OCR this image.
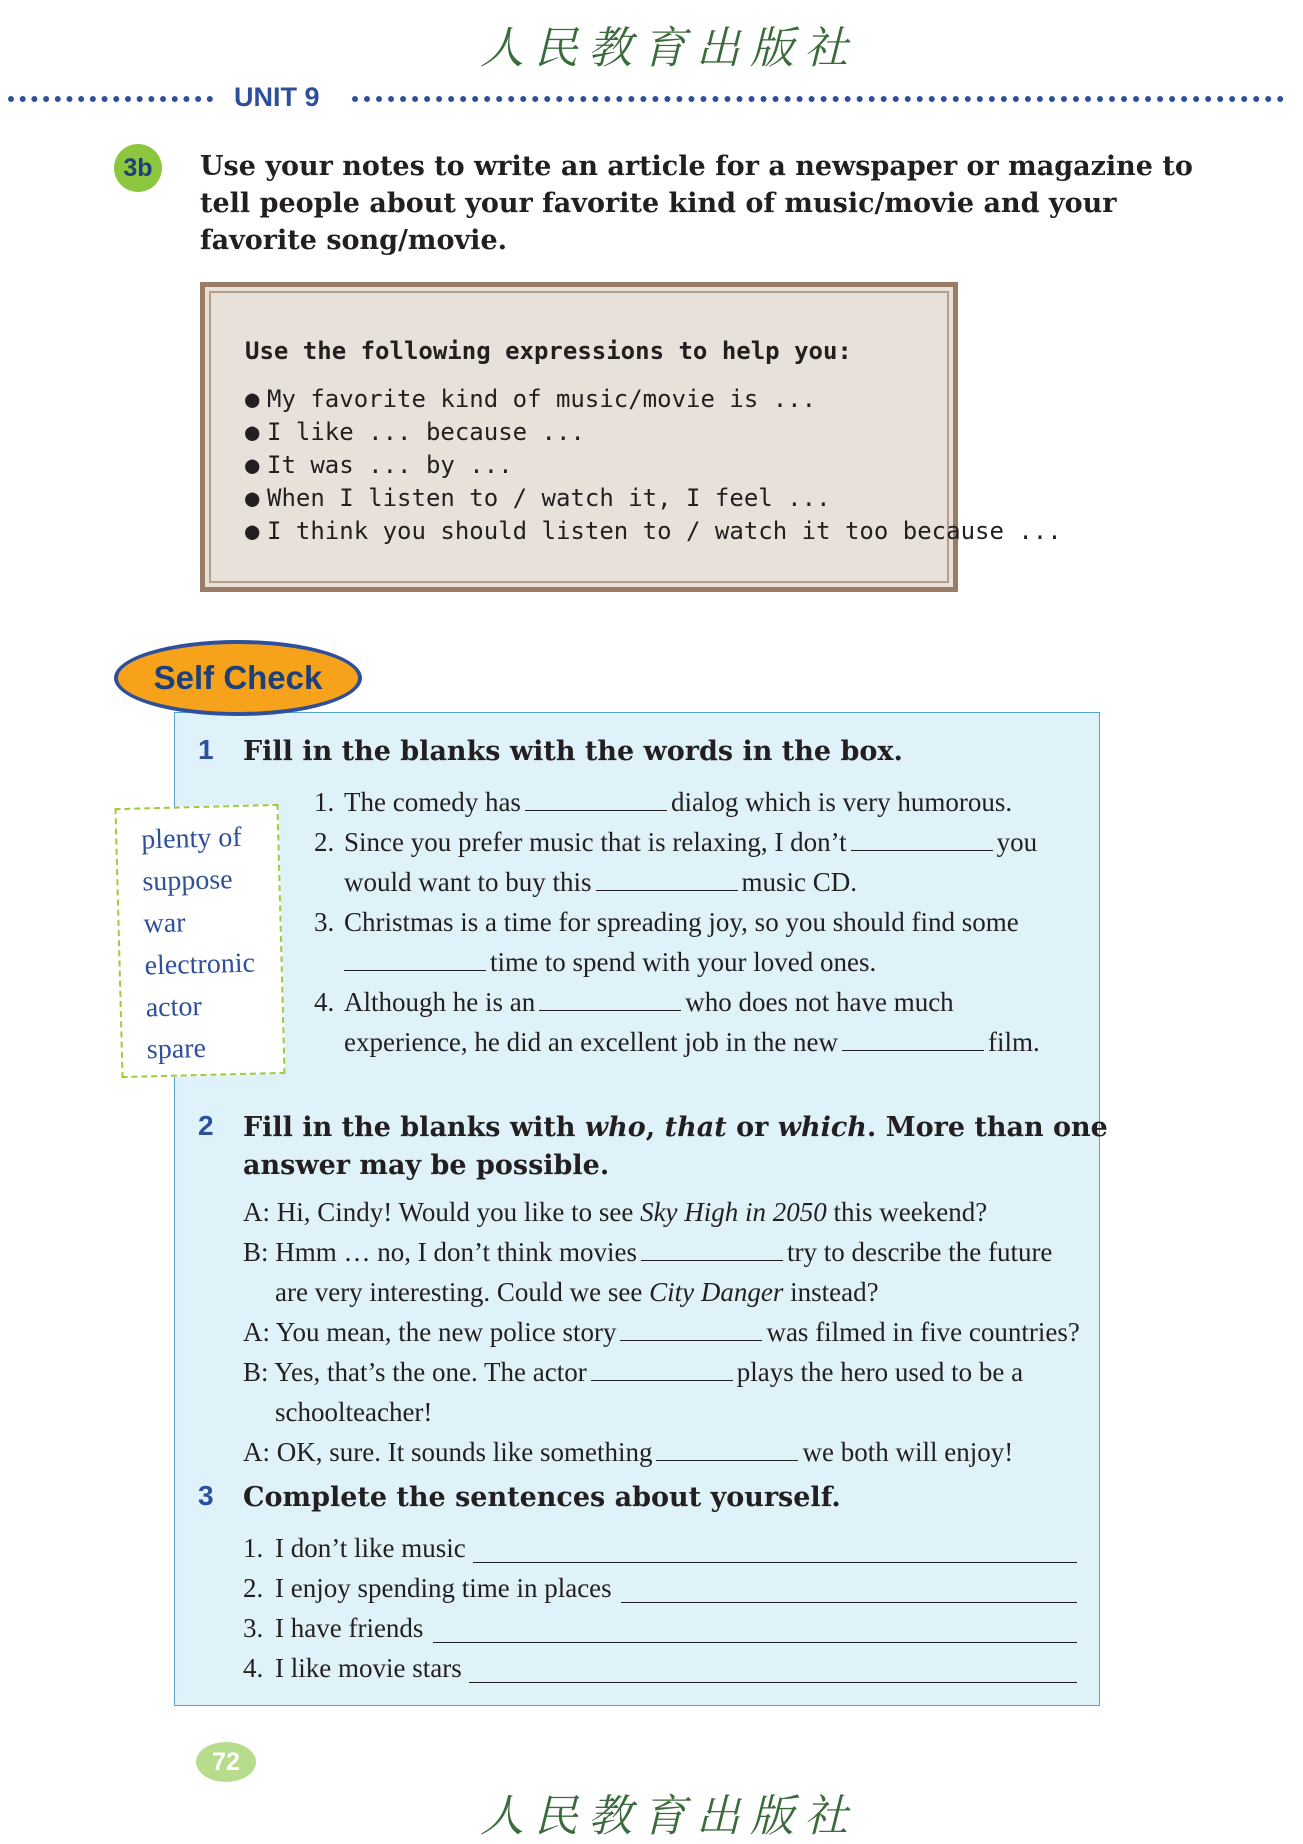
人民教育出版社
UNIT 9
3b	Use your notes to write an article for a newspaper or magazine to
tell people about your favorite kind of music/movie and your
favorite song/movie.
Use the following expressions to help you:
● My favorite kind of music/movie is ...
● I like ... because ...
● It was ... by ...
● When I listen to / watch it, I feel ...
● I think you should listen to / watch it too because ...
Self Check
1 Fill in the blanks with the words in the box.
plenty of
suppose
war
electronic
actor
spare
1. The comedy has	dialog which is very humorous.
2. Since you prefer music that is relaxing, I don’t	you
would want to buy this	music CD.
3. Christmas is a time for spreading joy, so you should find some
time to spend with your loved ones.
4. Although he is an	who does not have much
experience, he did an excellent job in the new	film.
2 Fill in the blanks with who, that or which. More than one
answer may be possible.
A: Hi, Cindy! Would you like to see Sky High in 2050 this weekend?
B: Hmm … no, I don’t think movies	try to describe the future
are very interesting. Could we see City Danger instead?
A: You mean, the new police story	was filmed in five countries?
B: Yes, that’s the one. The actor	plays the hero used to be a
schoolteacher!
A: OK, sure. It sounds like something	we both will enjoy!
3 Complete the sentences about yourself.
1. I don’t like music
2. I enjoy spending time in places
3. I have friends
4. I like movie stars
72
人民教育出版社
